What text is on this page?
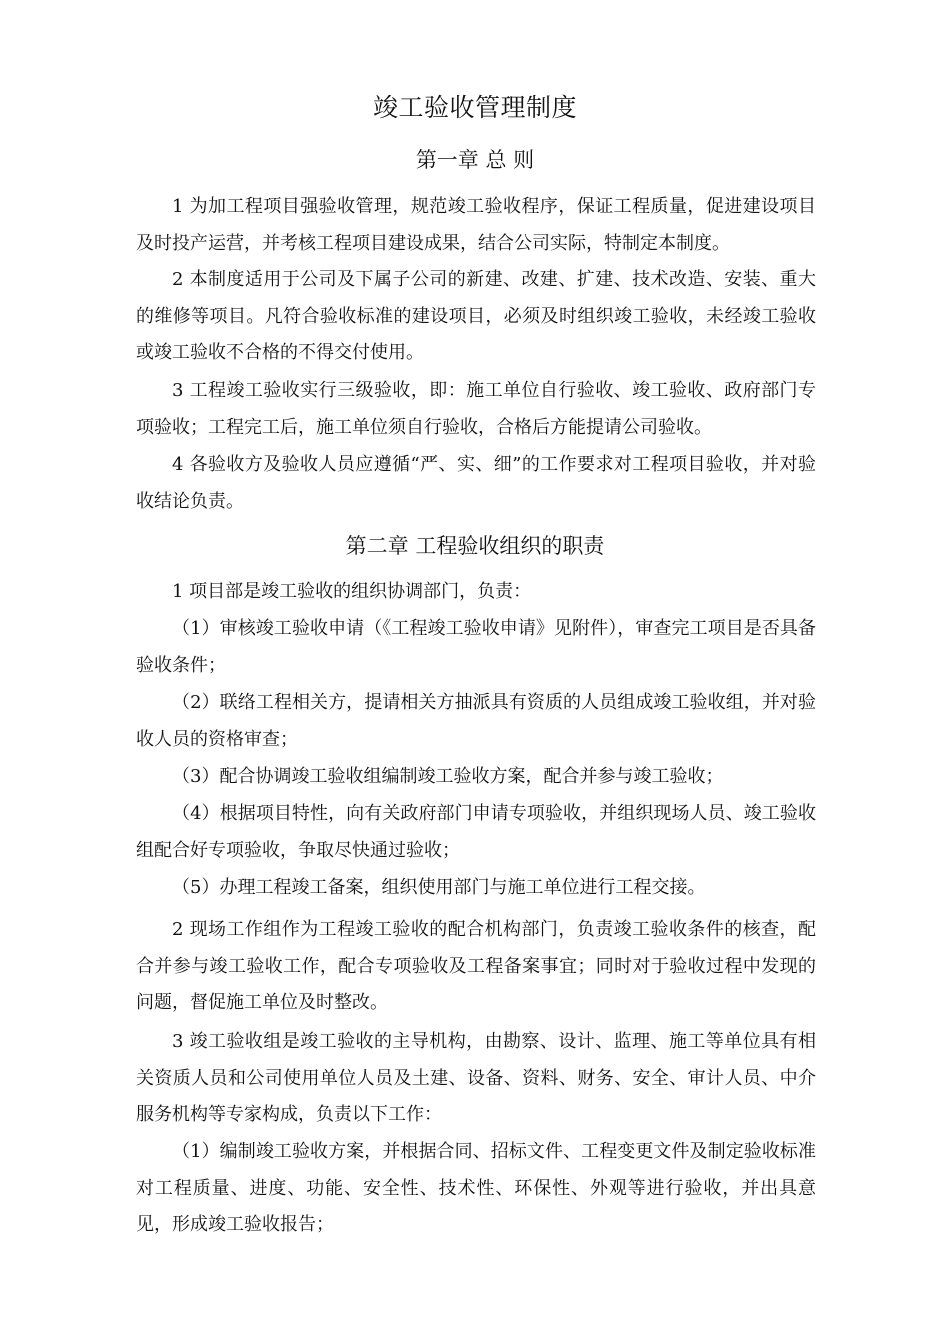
竣工验收管理制度
第一章 总 则

1 为加工程项目强验收管理，规范竣工验收程序，保证工程质量，促进建设项目及时投产运营，并考核工程项目建设成果，结合公司实际，特制定本制度。

2 本制度适用于公司及下属子公司的新建、改建、扩建、技术改造、安装、重大的维修等项目。凡符合验收标准的建设项目，必须及时组织竣工验收，未经竣工验收或竣工验收不合格的不得交付使用。

3 工程竣工验收实行三级验收，即：施工单位自行验收、竣工验收、政府部门专项验收；工程完工后，施工单位须自行验收，合格后方能提请公司验收。

4 各验收方及验收人员应遵循“严、实、细”的工作要求对工程项目验收，并对验收结论负责。

第二章 工程验收组织的职责

1 项目部是竣工验收的组织协调部门，负责：

（1）审核竣工验收申请（《工程竣工验收申请》见附件），审查完工项目是否具备验收条件；

（2）联络工程相关方，提请相关方抽派具有资质的人员组成竣工验收组，并对验收人员的资格审查；

（3）配合协调竣工验收组编制竣工验收方案，配合并参与竣工验收；

（4）根据项目特性，向有关政府部门申请专项验收，并组织现场人员、竣工验收组配合好专项验收，争取尽快通过验收；

（5）办理工程竣工备案，组织使用部门与施工单位进行工程交接。

2 现场工作组作为工程竣工验收的配合机构部门，负责竣工验收条件的核查，配合并参与竣工验收工作，配合专项验收及工程备案事宜；同时对于验收过程中发现的问题，督促施工单位及时整改。

3 竣工验收组是竣工验收的主导机构，由勘察、设计、监理、施工等单位具有相关资质人员和公司使用单位人员及土建、设备、资料、财务、安全、审计人员、中介服务机构等专家构成，负责以下工作：

（1）编制竣工验收方案，并根据合同、招标文件、工程变更文件及制定验收标准对工程质量、进度、功能、安全性、技术性、环保性、外观等进行验收，并出具意见，形成竣工验收报告；
